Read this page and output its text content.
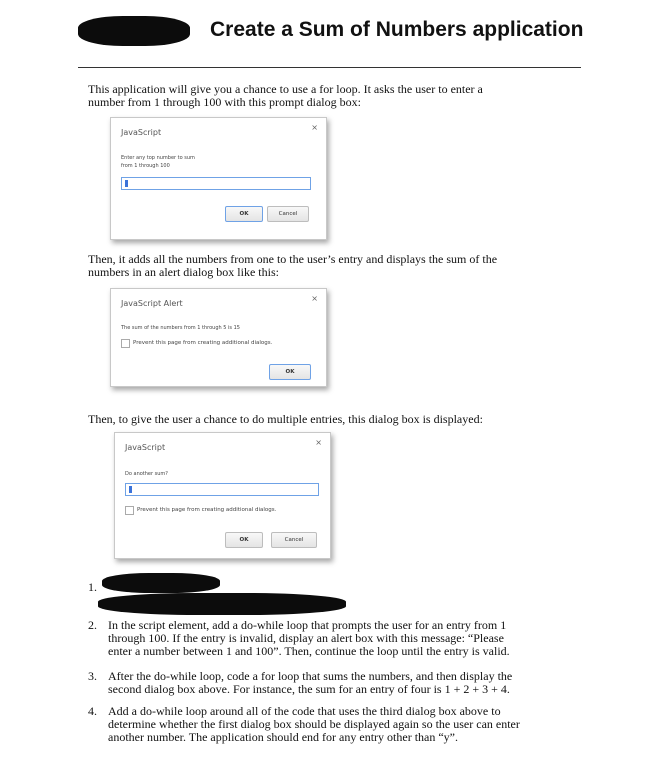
Create a Sum of Numbers application
This application will give you a chance to use a for loop. It asks the user to enter a number from 1 through 100 with this prompt dialog box:
JavaScript
×
Enter any top number to sum
from 1 through 100
OK	Cancel
Then, it adds all the numbers from one to the user’s entry and displays the sum of the numbers in an alert dialog box like this:
JavaScript Alert
×
The sum of the numbers from 1 through 5 is 15
Prevent this page from creating additional dialogs.
OK
Then, to give the user a chance to do multiple entries, this dialog box is displayed:
JavaScript
×
Do another sum?
Prevent this page from creating additional dialogs.
OK	Cancel
1.
2. In the script element, add a do-while loop that prompts the user for an entry from 1 through 100. If the entry is invalid, display an alert box with this message: “Please enter a number between 1 and 100”. Then, continue the loop until the entry is valid.
3. After the do-while loop, code a for loop that sums the numbers, and then display the second dialog box above. For instance, the sum for an entry of four is 1 + 2 + 3 + 4.
4. Add a do-while loop around all of the code that uses the third dialog box above to determine whether the first dialog box should be displayed again so the user can enter another number. The application should end for any entry other than “y”.
